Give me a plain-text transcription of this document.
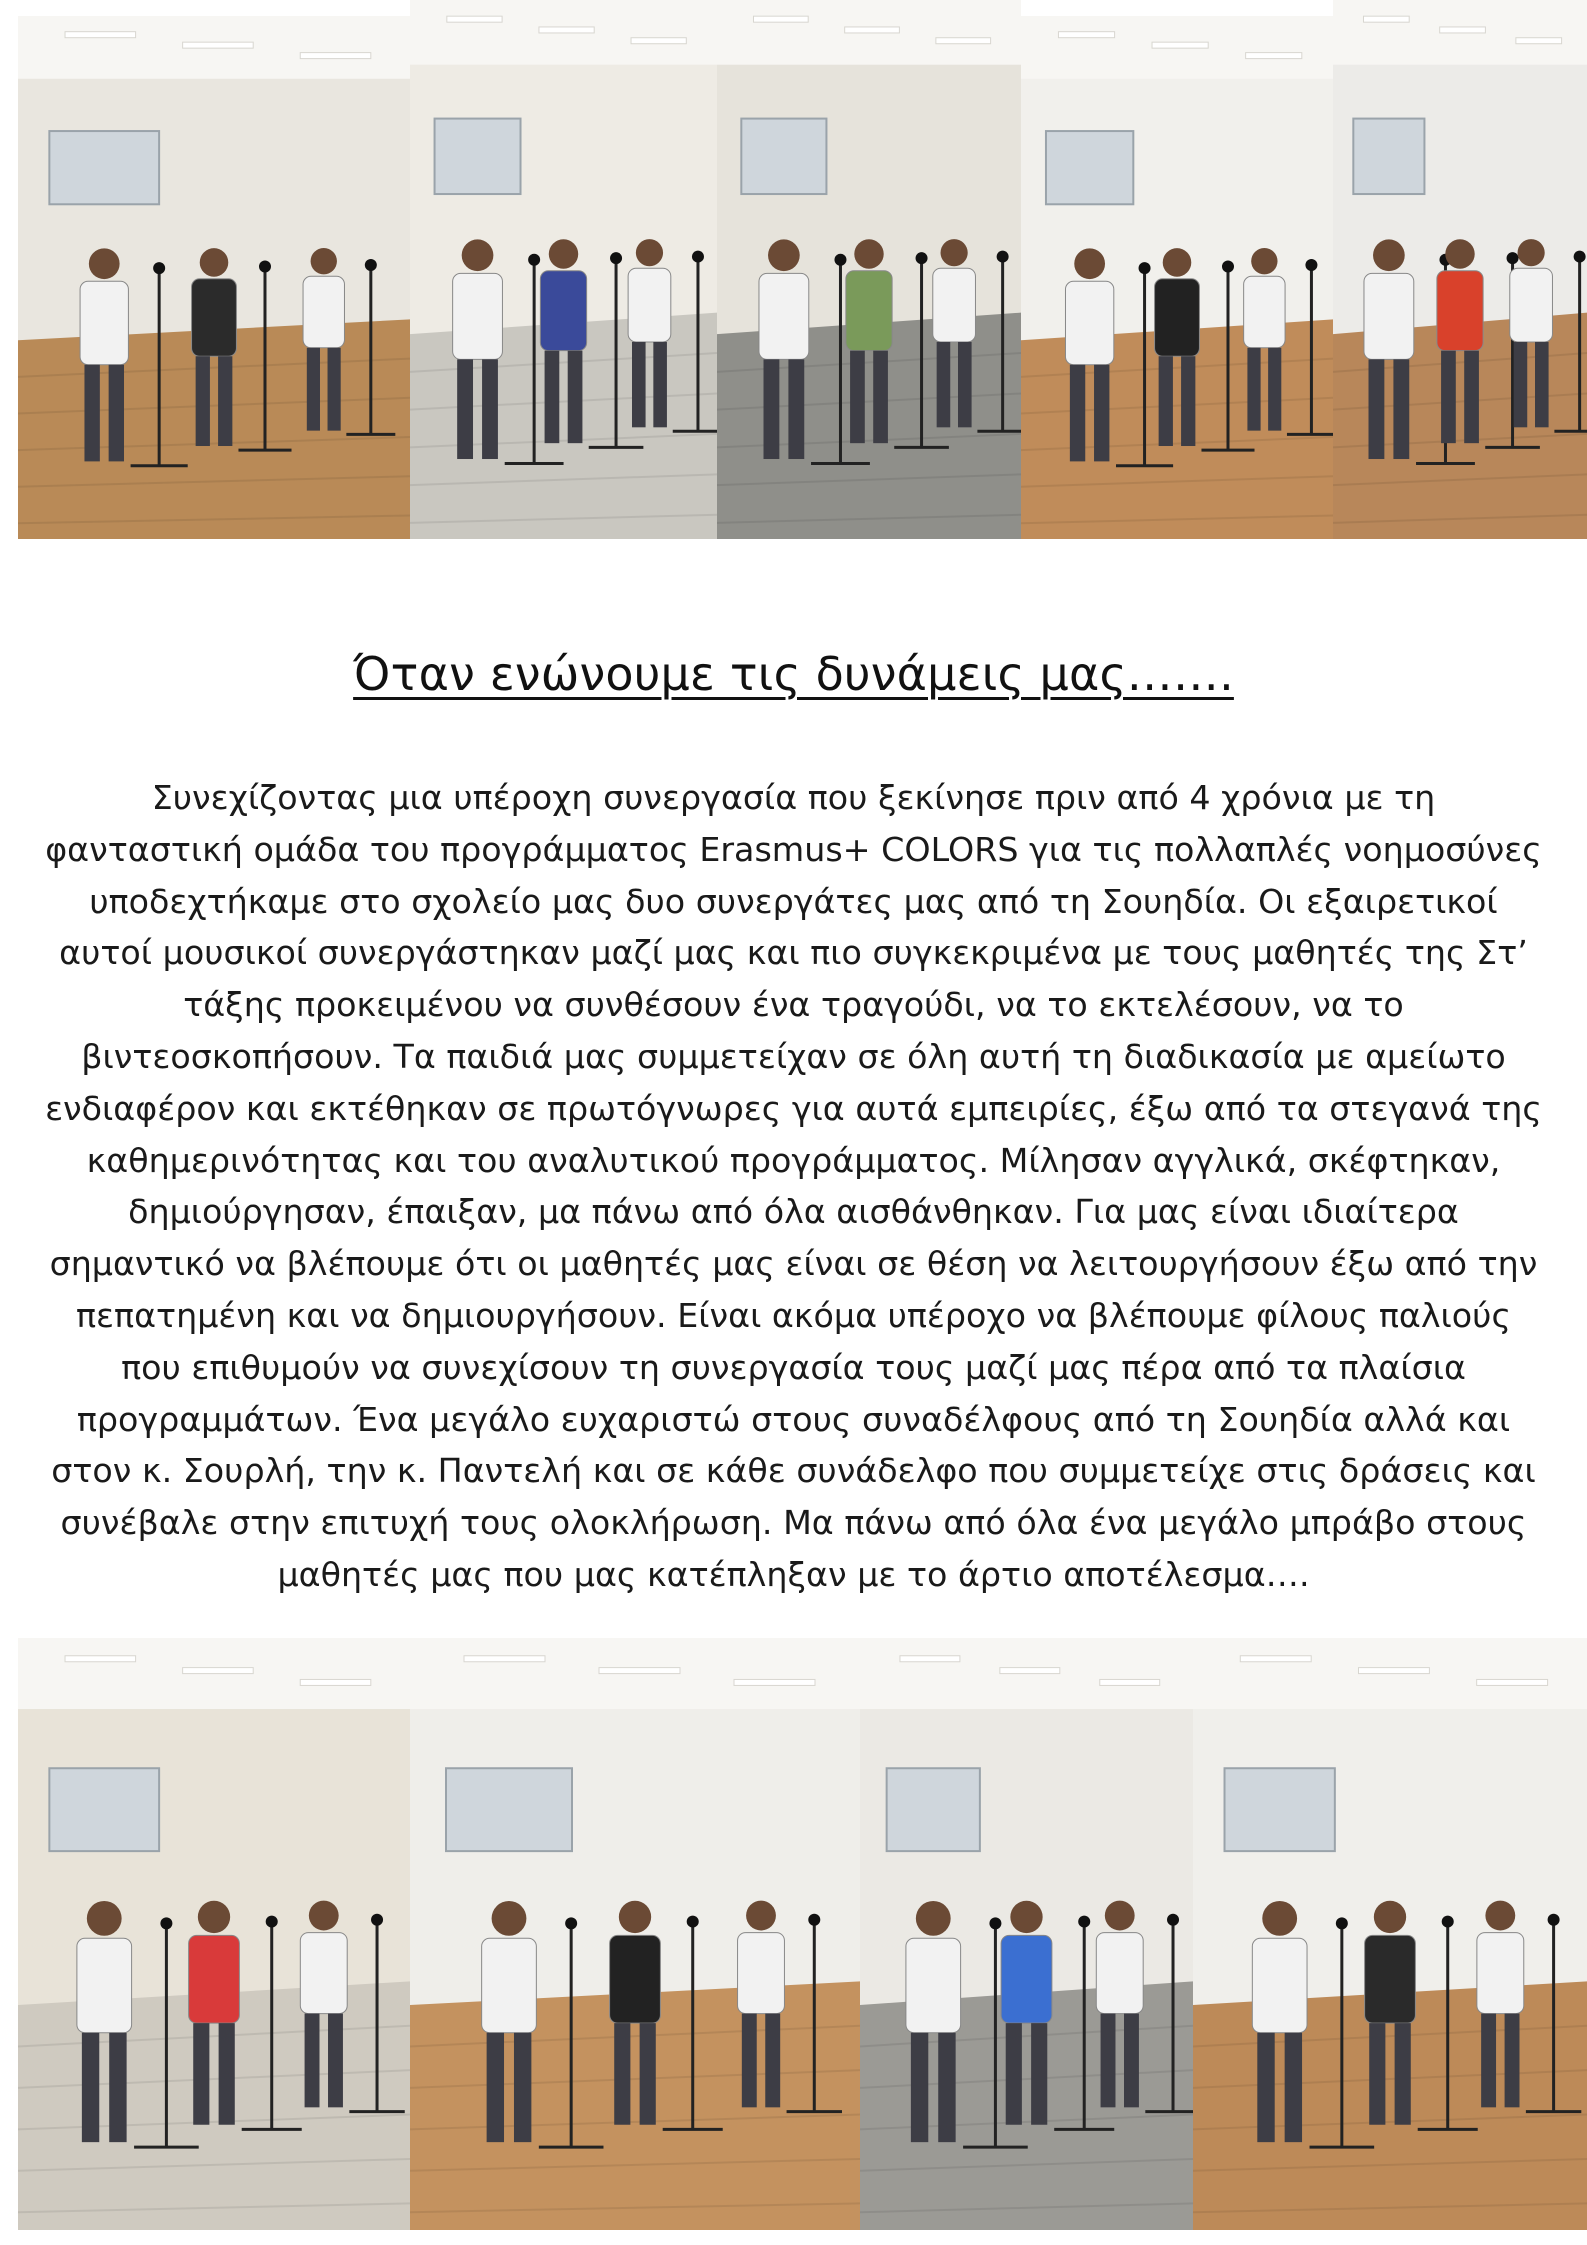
Όταν ενώνουμε τις δυνάμεις μας…….
Συνεχίζοντας μια υπέροχη συνεργασία που ξεκίνησε πριν από 4 χρόνια με τη
φανταστική ομάδα του προγράμματος Erasmus+ COLORS για τις πολλαπλές νοημοσύνες
υποδεχτήκαμε στο σχολείο μας δυο συνεργάτες μας από τη Σουηδία. Οι εξαιρετικοί
αυτοί μουσικοί συνεργάστηκαν μαζί μας και πιο συγκεκριμένα με τους μαθητές της Στ’
τάξης προκειμένου να συνθέσουν ένα τραγούδι, να το εκτελέσουν, να το
βιντεοσκοπήσουν. Τα παιδιά μας συμμετείχαν σε όλη αυτή τη διαδικασία με αμείωτο
ενδιαφέρον και εκτέθηκαν σε πρωτόγνωρες για αυτά εμπειρίες, έξω από τα στεγανά της
καθημερινότητας και του αναλυτικού προγράμματος. Μίλησαν αγγλικά, σκέφτηκαν,
δημιούργησαν, έπαιξαν, μα πάνω από όλα αισθάνθηκαν. Για μας είναι ιδιαίτερα
σημαντικό να βλέπουμε ότι οι μαθητές μας είναι σε θέση να λειτουργήσουν έξω από την
πεπατημένη και να δημιουργήσουν. Είναι ακόμα υπέροχο να βλέπουμε φίλους παλιούς
που επιθυμούν να συνεχίσουν τη συνεργασία τους μαζί μας πέρα από τα πλαίσια
προγραμμάτων. Ένα μεγάλο ευχαριστώ στους συναδέλφους από τη Σουηδία αλλά και
στον κ. Σουρλή, την κ. Παντελή και σε κάθε συνάδελφο που συμμετείχε στις δράσεις και
συνέβαλε στην επιτυχή τους ολοκλήρωση. Μα πάνω από όλα ένα μεγάλο μπράβο στους
μαθητές μας που μας κατέπληξαν με το άρτιο αποτέλεσμα….
